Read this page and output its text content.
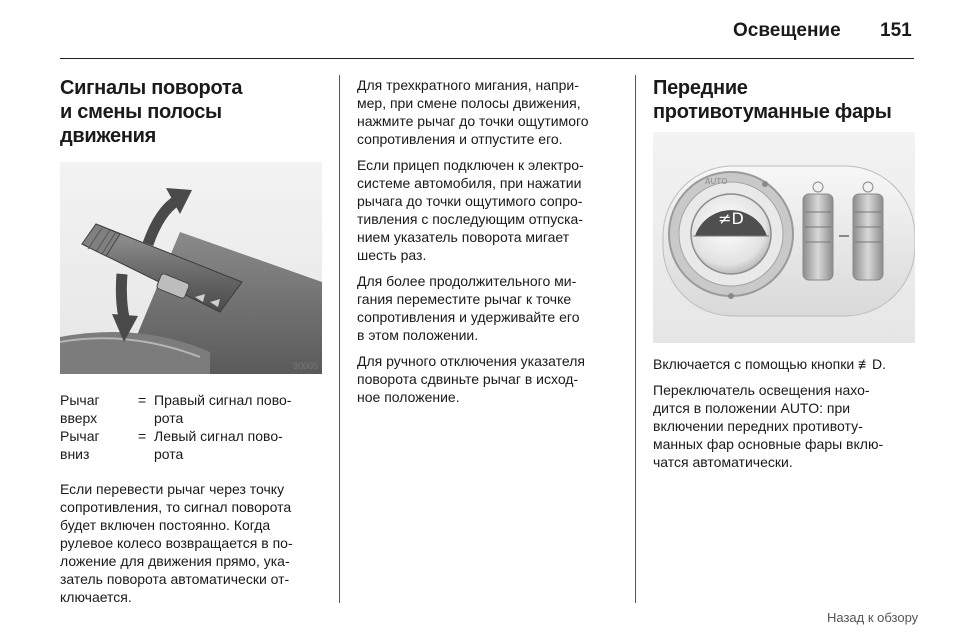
Освещение 151
Сигналы поворота
и смены полосы
движения
30005
Рычаг
вверх
= Правый сигнал пово-
рота
Рычаг
вниз
= Левый сигнал пово-
рота

Если перевести рычаг через точку
сопротивления, то сигнал поворота
будет включен постоянно. Когда
рулевое колесо возвращается в по-
ложение для движения прямо, ука-
затель поворота автоматически от-
ключается.

Для трехкратного мигания, напри-
мер, при смене полосы движения,
нажмите рычаг до точки ощутимого
сопротивления и отпустите его.

Если прицеп подключен к электро-
системе автомобиля, при нажатии
рычага до точки ощутимого сопро-
тивления с последующим отпуска-
нием указатель поворота мигает
шесть раз.

Для более продолжительного ми-
гания переместите рычаг к точке
сопротивления и удерживайте его
в этом положении.

Для ручного отключения указателя
поворота сдвиньте рычаг в исход-
ное положение.

Передние
противотуманные фары
≠D
AUTO

Включается с помощью кнопки ≢D.

Переключатель освещения нахо-
дится в положении AUTO: при
включении передних противоту-
манных фар основные фары вклю-
чатся автоматически.

Назад к обзору
